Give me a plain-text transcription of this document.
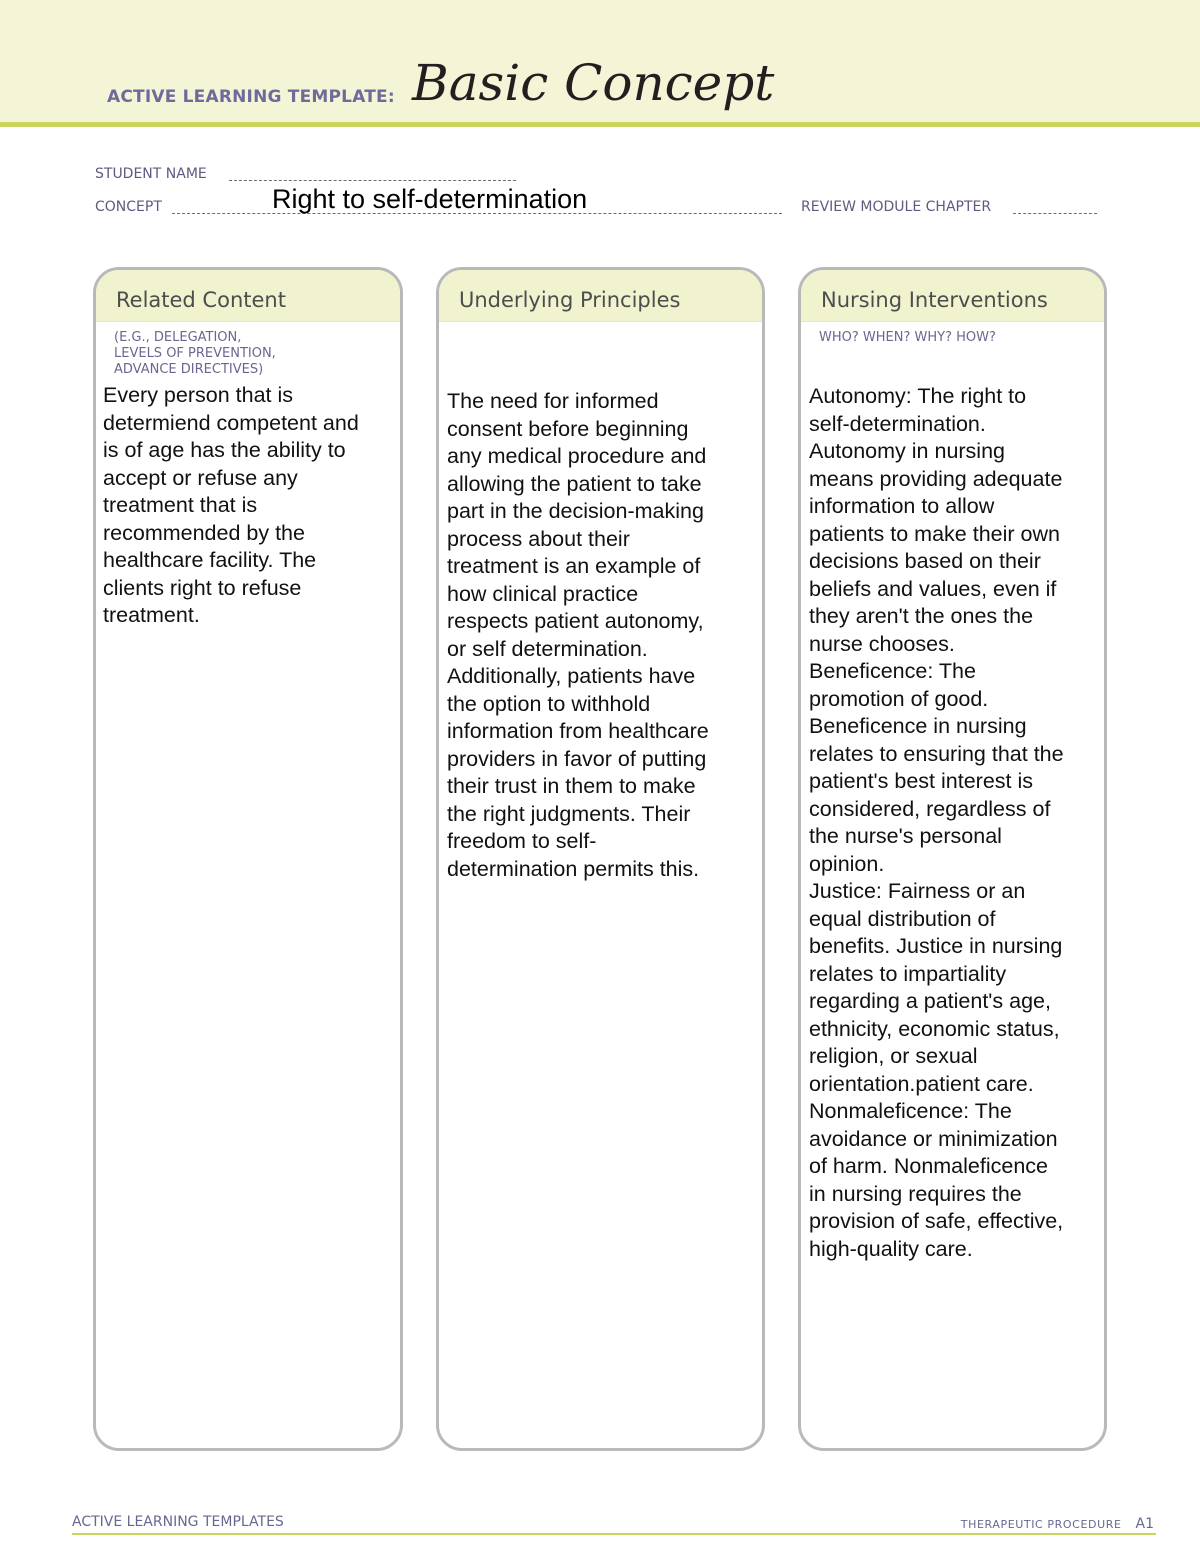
ACTIVE LEARNING TEMPLATE: Basic Concept
STUDENT NAME
CONCEPT	Right to self-determination	REVIEW MODULE CHAPTER
Related Content
(E.G., DELEGATION,
LEVELS OF PREVENTION,
ADVANCE DIRECTIVES)
Every person that is
determiend competent and
is of age has the ability to
accept or refuse any
treatment that is
recommended by the
healthcare facility. The
clients right to refuse
treatment.
Underlying Principles
The need for informed
consent before beginning
any medical procedure and
allowing the patient to take
part in the decision-making
process about their
treatment is an example of
how clinical practice
respects patient autonomy,
or self determination.
Additionally, patients have
the option to withhold
information from healthcare
providers in favor of putting
their trust in them to make
the right judgments. Their
freedom to self-
determination permits this.
Nursing Interventions
WHO? WHEN? WHY? HOW?
Autonomy: The right to
self-determination.
Autonomy in nursing
means providing adequate
information to allow
patients to make their own
decisions based on their
beliefs and values, even if
they aren't the ones the
nurse chooses.
Beneficence: The
promotion of good.
Beneficence in nursing
relates to ensuring that the
patient's best interest is
considered, regardless of
the nurse's personal
opinion.
Justice: Fairness or an
equal distribution of
benefits. Justice in nursing
relates to impartiality
regarding a patient's age,
ethnicity, economic status,
religion, or sexual
orientation.patient care.
Nonmaleficence: The
avoidance or minimization
of harm. Nonmaleficence
in nursing requires the
provision of safe, effective,
high-quality care.
ACTIVE LEARNING TEMPLATES	THERAPEUTIC PROCEDURE A1
